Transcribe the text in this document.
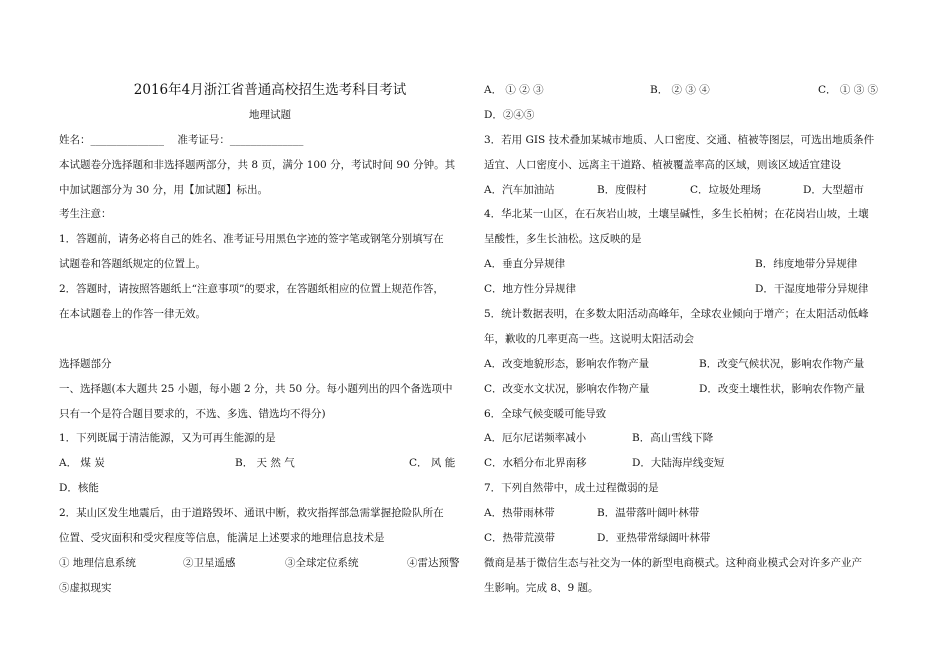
2016年4月浙江省普通高校招生选考科目考试
地理试题
姓名：______________    准考证号：______________
本试题卷分选择题和非选择题两部分，共 8 页，满分 100 分，考试时间 90 分钟。其
中加试题部分为 30 分，用【加试题】标出。
考生注意：
1．答题前，请务必将自己的姓名、准考证号用黑色字迹的签字笔或钢笔分别填写在
试题卷和答题纸规定的位置上。
2．答题时，请按照答题纸上“注意事项”的要求，在答题纸相应的位置上规范作答，
在本试题卷上的作答一律无效。
选择题部分
一、选择题(本大题共 25 小题，每小题 2 分，共 50 分。每小题列出的四个备选项中
只有一个是符合题目要求的，不选、多选、错选均不得分)
1．下列既属于清洁能源，又为可再生能源的是
A． 煤 炭	B． 天 然 气	C． 风 能
D．核能
2．某山区发生地震后，由于道路毁坏、通讯中断，救灾指挥部急需掌握抢险队所在
位置、受灾面积和受灾程度等信息，能满足上述要求的地理信息技术是
① 地理信息系统	②卫星遥感	③全球定位系统	④雷达预警
⑤虚拟现实
A． ① ② ③	B． ② ③ ④	C． ① ③ ⑤
D．②④⑤
3．若用 GIS 技术叠加某城市地质、人口密度、交通、植被等图层，可选出地质条件
适宜、人口密度小、远离主干道路、植被覆盖率高的区域，则该区域适宜建设
A．汽车加油站	B．度假村	C．垃圾处理场	D．大型超市
4．华北某一山区，在石灰岩山坡，土壤呈碱性，多生长柏树；在花岗岩山坡，土壤
呈酸性，多生长油松。这反映的是
A．垂直分异规律	B．纬度地带分异规律
C．地方性分异规律	D．干湿度地带分异规律
5．统计数据表明，在多数太阳活动高峰年，全球农业倾向于增产；在太阳活动低峰
年，歉收的几率更高一些。这说明太阳活动会
A．改变地貌形态，影响农作物产量	B．改变气候状况，影响农作物产量
C．改变水文状况，影响农作物产量	D．改变土壤性状，影响农作物产量
6．全球气候变暖可能导致
A．厄尔尼诺频率减小	B．高山雪线下降
C．水稻分布北界南移	D．大陆海岸线变短
7．下列自然带中，成土过程微弱的是
A．热带雨林带	B．温带落叶阔叶林带
C．热带荒漠带	D．亚热带常绿阔叶林带
微商是基于微信生态与社交为一体的新型电商模式。这种商业模式会对许多产业产
生影响。完成 8、9 题。
